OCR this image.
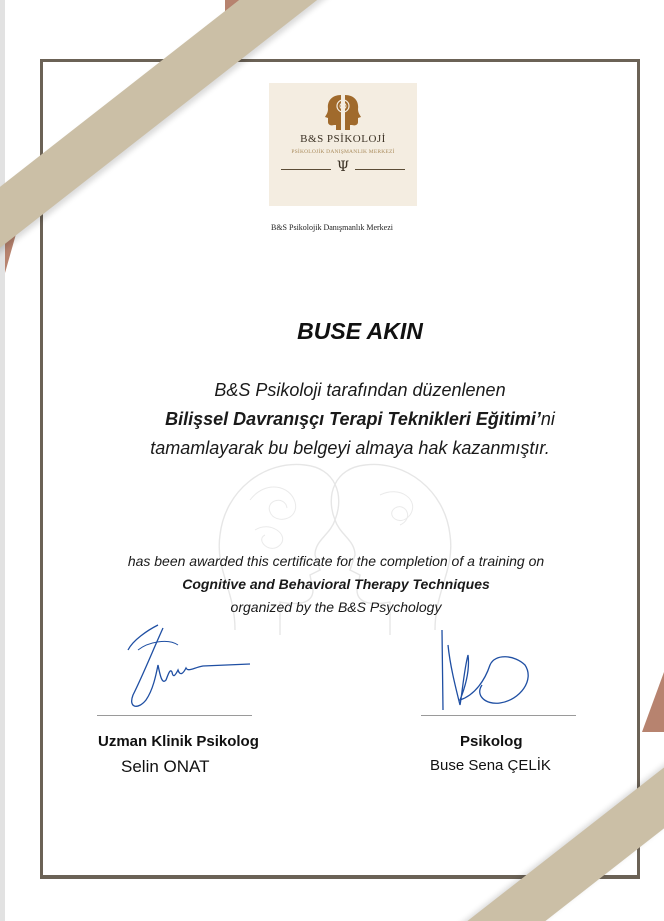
B&S PSİKOLOJİ
PSİKOLOJİK DANIŞMANLIK MERKEZİ
Ψ
B&S Psikolojik Danışmanlık Merkezi
BUSE AKIN
B&S Psikoloji tarafından düzenlenen
Bilişsel Davranışçı Terapi Teknikleri Eğitimi’ni
tamamlayarak bu belgeyi almaya hak kazanmıştır.
has been awarded this certificate for the completion of a training on
Cognitive and Behavioral Therapy Techniques
organized by the B&S Psychology
Uzman Klinik Psikolog
Selin ONAT
Psikolog
Buse Sena ÇELİK
